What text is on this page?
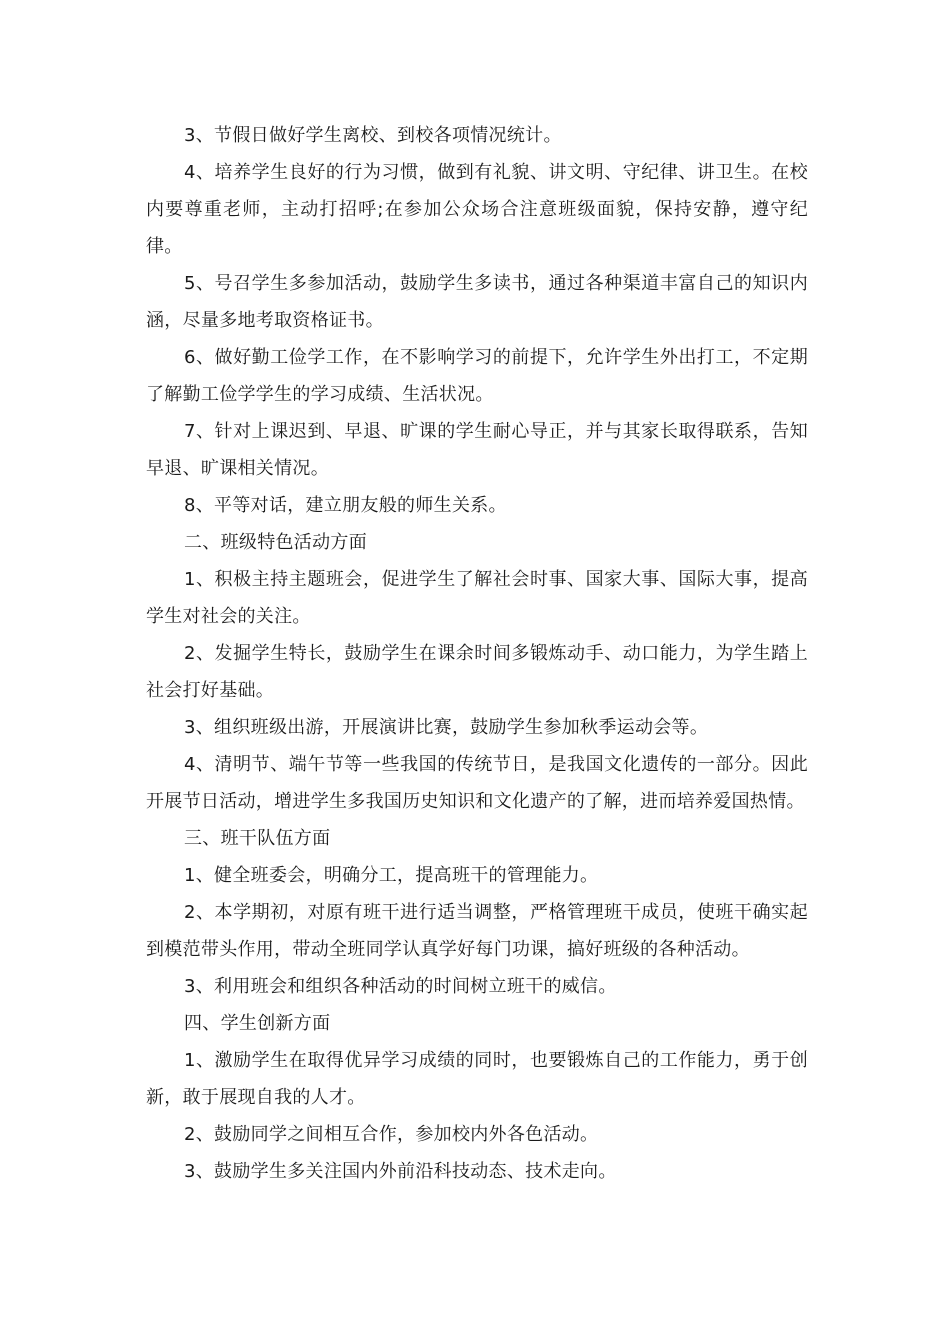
3、节假日做好学生离校、到校各项情况统计。

4、培养学生良好的行为习惯，做到有礼貌、讲文明、守纪律、讲卫生。在校内要尊重老师，主动打招呼;在参加公众场合注意班级面貌，保持安静，遵守纪律。

5、号召学生多参加活动，鼓励学生多读书，通过各种渠道丰富自己的知识内涵，尽量多地考取资格证书。

6、做好勤工俭学工作，在不影响学习的前提下，允许学生外出打工，不定期了解勤工俭学学生的学习成绩、生活状况。

7、针对上课迟到、早退、旷课的学生耐心导正，并与其家长取得联系，告知早退、旷课相关情况。

8、平等对话，建立朋友般的师生关系。

二、班级特色活动方面

1、积极主持主题班会，促进学生了解社会时事、国家大事、国际大事，提高学生对社会的关注。

2、发掘学生特长，鼓励学生在课余时间多锻炼动手、动口能力，为学生踏上社会打好基础。

3、组织班级出游，开展演讲比赛，鼓励学生参加秋季运动会等。

4、清明节、端午节等一些我国的传统节日，是我国文化遗传的一部分。因此开展节日活动，增进学生多我国历史知识和文化遗产的了解，进而培养爱国热情。

三、班干队伍方面

1、健全班委会，明确分工，提高班干的管理能力。

2、本学期初，对原有班干进行适当调整，严格管理班干成员，使班干确实起到模范带头作用，带动全班同学认真学好每门功课，搞好班级的各种活动。

3、利用班会和组织各种活动的时间树立班干的威信。

四、学生创新方面

1、激励学生在取得优异学习成绩的同时，也要锻炼自己的工作能力，勇于创新，敢于展现自我的人才。

2、鼓励同学之间相互合作，参加校内外各色活动。

3、鼓励学生多关注国内外前沿科技动态、技术走向。
